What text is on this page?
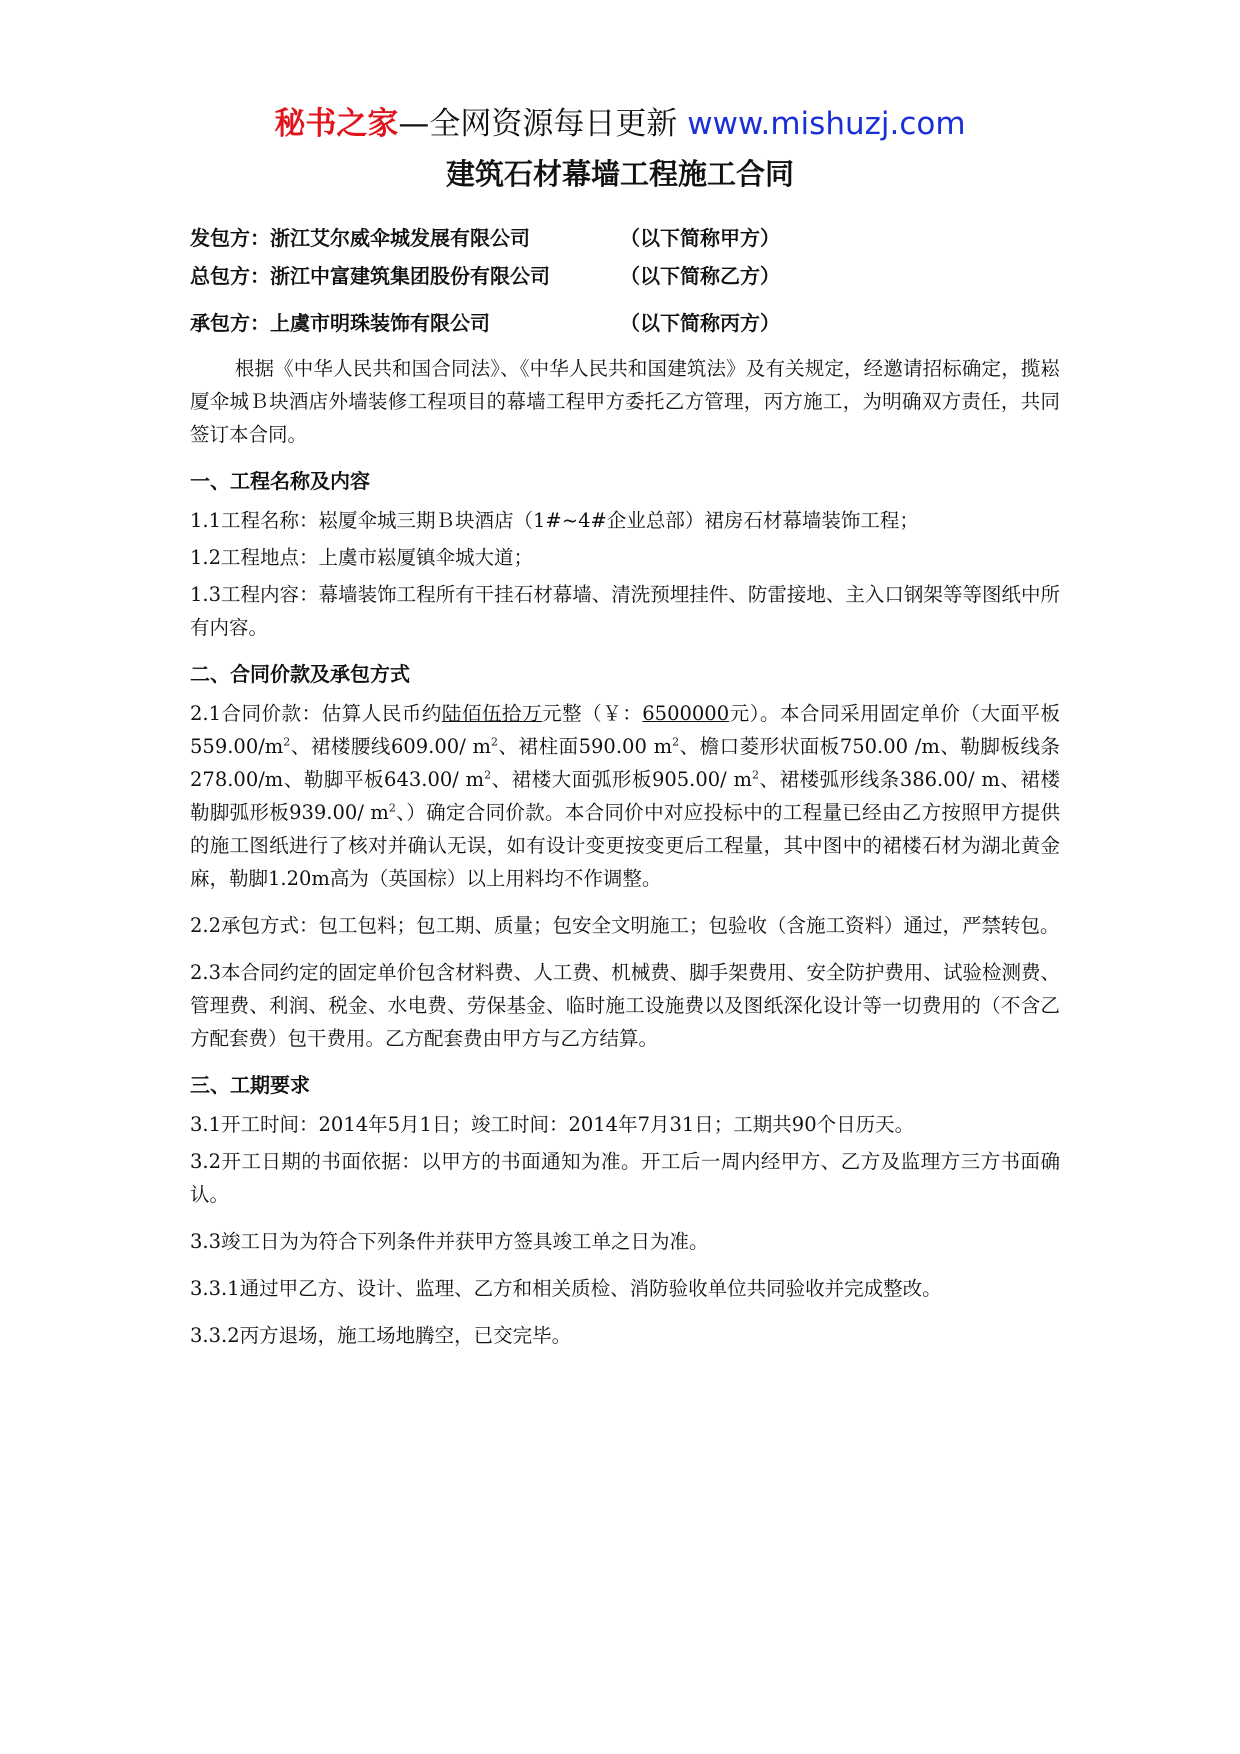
秘书之家—全网资源每日更新 www.mishuzj.com
建筑石材幕墙工程施工合同
发包方：浙江艾尔威伞城发展有限公司	（以下简称甲方）
总包方：浙江中富建筑集团股份有限公司	（以下简称乙方）
承包方：上虞市明珠装饰有限公司	（以下简称丙方）

根据《中华人民共和国合同法》、《中华人民共和国建筑法》及有关规定，经邀请招标确定，揽崧厦伞城Ｂ块酒店外墙装修工程项目的幕墙工程甲方委托乙方管理，丙方施工，为明确双方责任，共同签订本合同。

一、工程名称及内容

1.1工程名称：崧厦伞城三期Ｂ块酒店（1#~4#企业总部）裙房石材幕墙装饰工程；

1.2工程地点：上虞市崧厦镇伞城大道；

1.3工程内容：幕墙装饰工程所有干挂石材幕墙、清洗预埋挂件、防雷接地、主入口钢架等等图纸中所有内容。

二、合同价款及承包方式

2.1合同价款：估算人民币约陆佰伍拾万元整（￥：6500000元）。本合同采用固定单价（大面平板$559.00/m^2$、裙楼腰线609.00/ $m^2$、裙柱面590.00 $m^2$、檐口菱形状面板750.00 /m、勒脚板线条278.00/m、勒脚平板643.00/ $m^2$、裙楼大面弧形板905.00/ $m^2$、裙楼弧形线条386.00/ m、裙楼勒脚弧形板939.00/ $m^2$、）确定合同价款。本合同价中对应投标中的工程量已经由乙方按照甲方提供的施工图纸进行了核对并确认无误，如有设计变更按变更后工程量，其中图中的裙楼石材为湖北黄金麻，勒脚1.20m高为（英国棕）以上用料均不作调整。

2.2承包方式：包工包料；包工期、质量；包安全文明施工；包验收（含施工资料）通过，严禁转包。

2.3本合同约定的固定单价包含材料费、人工费、机械费、脚手架费用、安全防护费用、试验检测费、管理费、利润、税金、水电费、劳保基金、临时施工设施费以及图纸深化设计等一切费用的（不含乙方配套费）包干费用。乙方配套费由甲方与乙方结算。

三、工期要求

3.1开工时间：2014年5月1日；竣工时间：2014年7月31日；工期共90个日历天。

3.2开工日期的书面依据：以甲方的书面通知为准。开工后一周内经甲方、乙方及监理方三方书面确认。

3.3竣工日为为符合下列条件并获甲方签具竣工单之日为准。

3.3.1通过甲乙方、设计、监理、乙方和相关质检、消防验收单位共同验收并完成整改。

3.3.2丙方退场，施工场地腾空，已交完毕。
